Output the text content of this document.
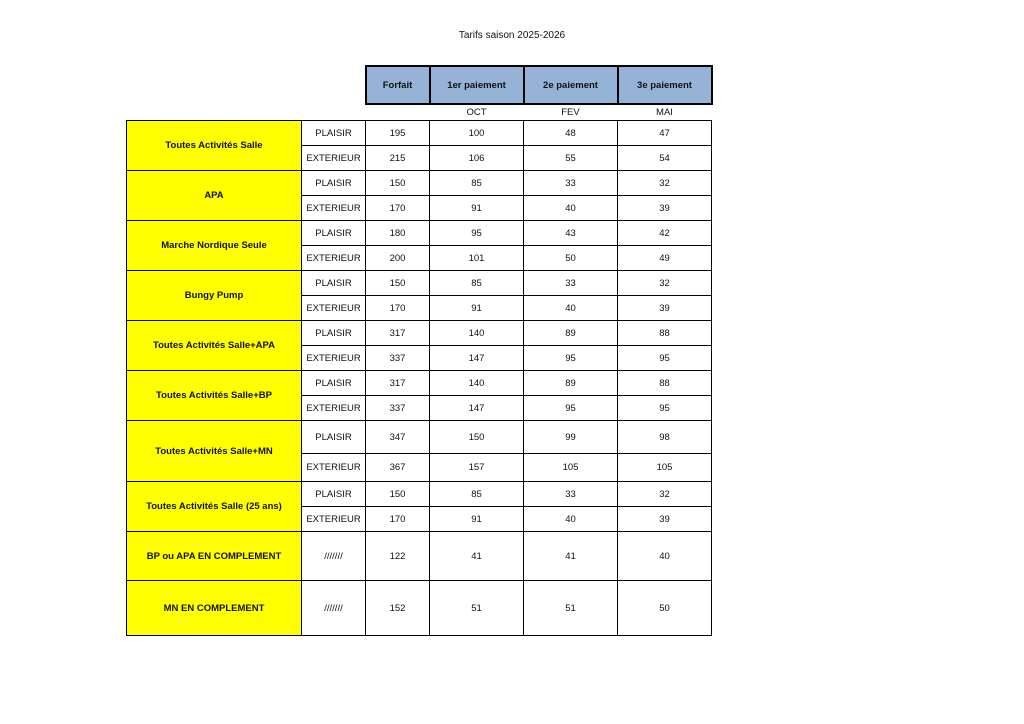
Tarifs saison 2025-2026
		Forfait	1er paiement	2e paiement	3e paiement
			OCT	FEV	MAI
Toutes Activités Salle	PLAISIR	195	100	48	47
	EXTERIEUR	215	106	55	54
APA	PLAISIR	150	85	33	32
	EXTERIEUR	170	91	40	39
Marche Nordique Seule	PLAISIR	180	95	43	42
	EXTERIEUR	200	101	50	49
Bungy Pump	PLAISIR	150	85	33	32
	EXTERIEUR	170	91	40	39
Toutes Activités Salle+APA	PLAISIR	317	140	89	88
	EXTERIEUR	337	147	95	95
Toutes Activités Salle+BP	PLAISIR	317	140	89	88
	EXTERIEUR	337	147	95	95
Toutes Activités Salle+MN	PLAISIR	347	150	99	98
	EXTERIEUR	367	157	105	105
Toutes Activités Salle (25 ans)	PLAISIR	150	85	33	32
	EXTERIEUR	170	91	40	39
BP ou APA EN COMPLEMENT	///////	122	41	41	40
MN EN COMPLEMENT	///////	152	51	51	50
